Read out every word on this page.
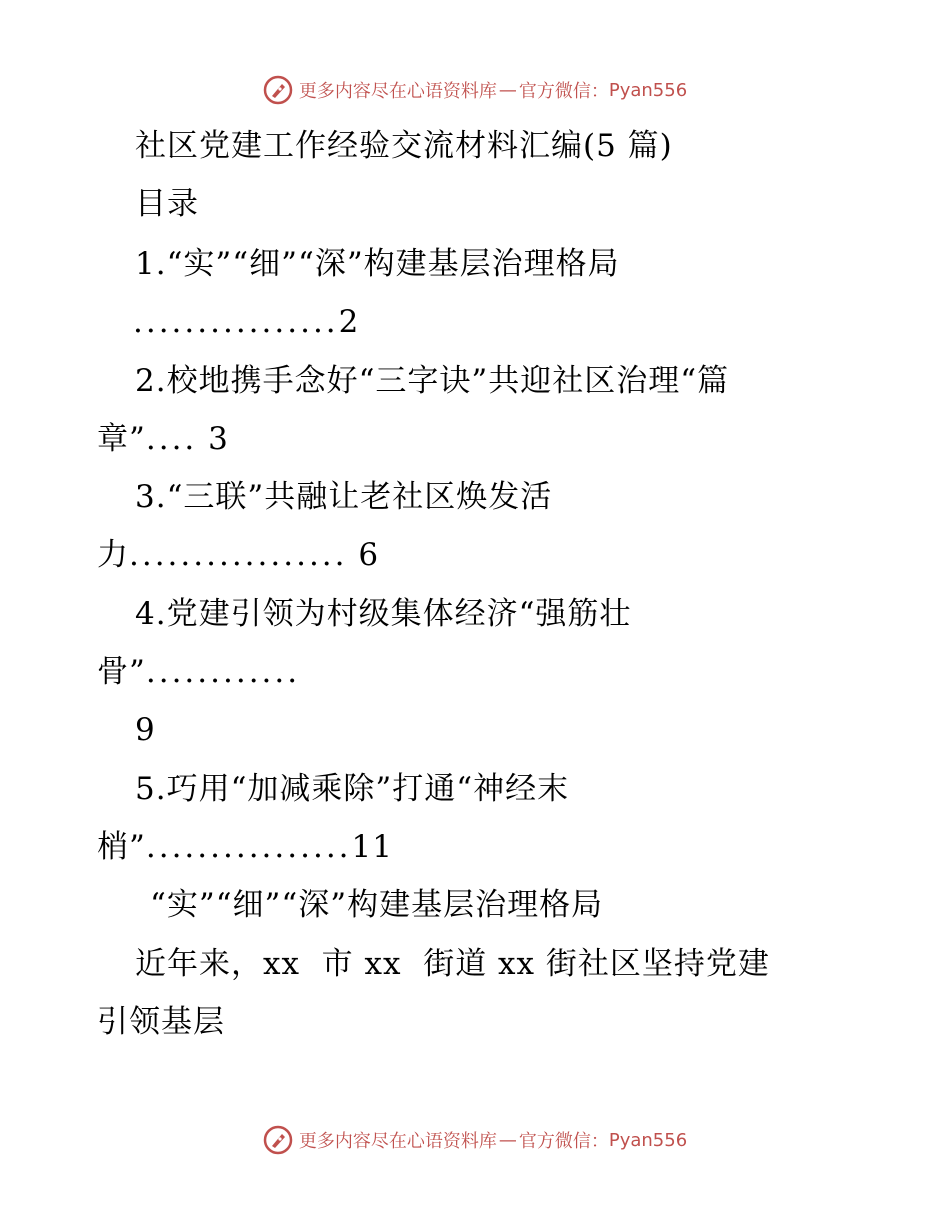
更多内容尽在心语资料库 — 官方微信： Pyan556
社区党建工作经验交流材料汇编(5 篇)
目录
1.“实”“细”“深”构建基层治理格局
................2
2.校地携手念好“三字诀”共迎社区治理“篇
章”.... 3
3.“三联”共融让老社区焕发活
力................. 6
4.党建引领为村级集体经济“强筋壮
骨”............
9
5.巧用“加减乘除”打通“神经末
梢”................11
“实”“细”“深”构建基层治理格局
近年来，xx  市 xx  街道 xx 街社区坚持党建
引领基层
更多内容尽在心语资料库 — 官方微信： Pyan556
